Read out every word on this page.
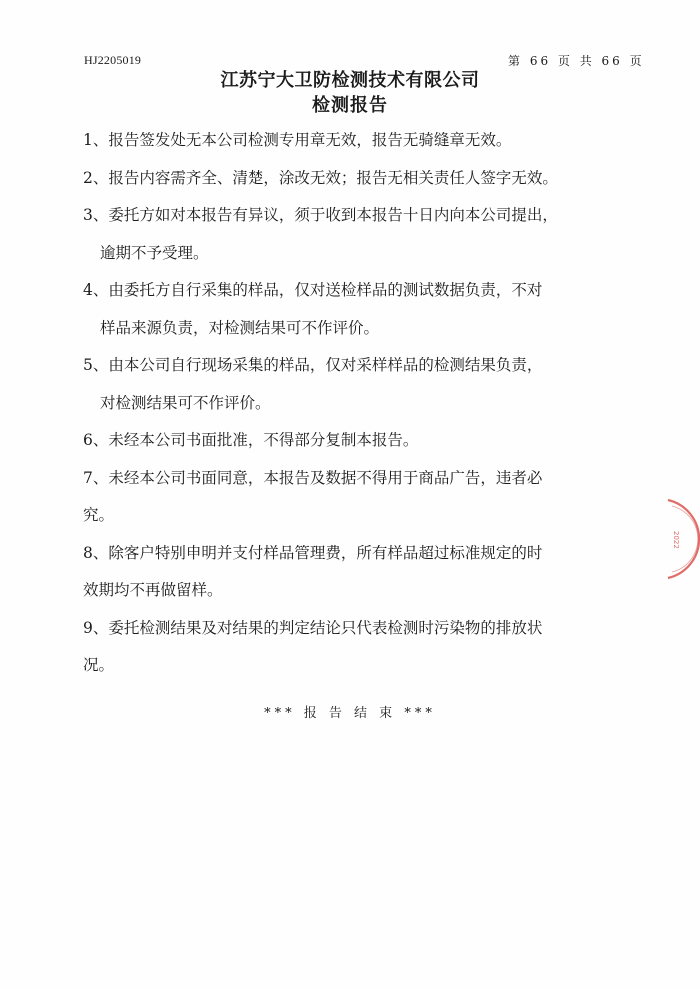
HJ2205019	第 66 页 共 66 页
江苏宁大卫防检测技术有限公司
检测报告
1、报告签发处无本公司检测专用章无效，报告无骑缝章无效。
2、报告内容需齐全、清楚，涂改无效；报告无相关责任人签字无效。
3、委托方如对本报告有异议，须于收到本报告十日内向本公司提出，
逾期不予受理。
4、由委托方自行采集的样品，仅对送检样品的测试数据负责，不对
样品来源负责，对检测结果可不作评价。
5、由本公司自行现场采集的样品，仅对采样样品的检测结果负责，
对检测结果可不作评价。
6、未经本公司书面批准，不得部分复制本报告。
7、未经本公司书面同意，本报告及数据不得用于商品广告，违者必
究。
8、除客户特别申明并支付样品管理费，所有样品超过标准规定的时
效期均不再做留样。
9、委托检测结果及对结果的判定结论只代表检测时污染物的排放状
况。
*** 报 告 结 束 ***
2022
